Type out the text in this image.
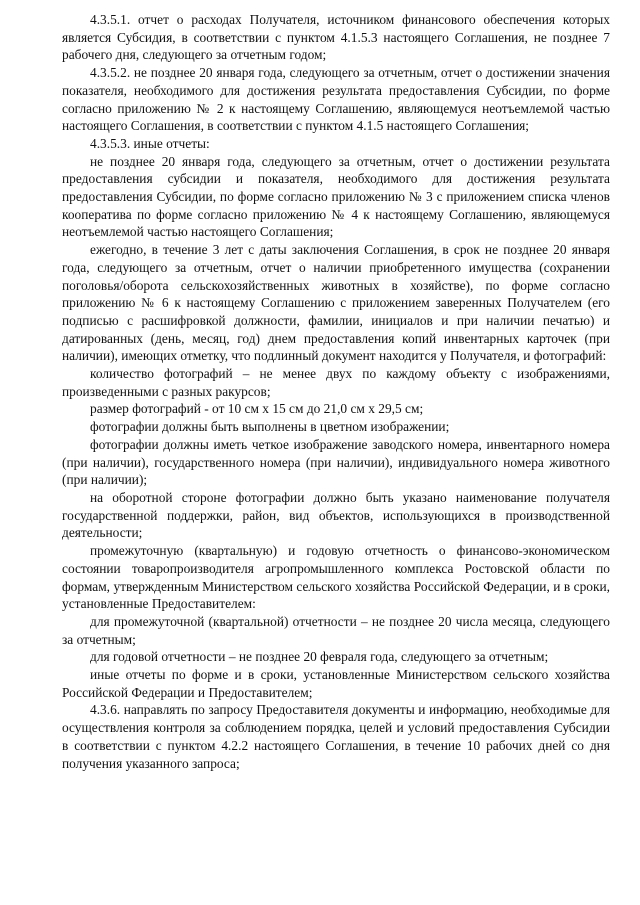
4.3.5.1. отчет о расходах Получателя, источником финансового обеспечения которых является Субсидия, в соответствии с пунктом 4.1.5.3 настоящего Соглашения, не позднее 7 рабочего дня, следующего за отчетным годом;

4.3.5.2. не позднее 20 января года, следующего за отчетным, отчет о достижении значения показателя, необходимого для достижения результата предоставления Субсидии, по форме согласно приложению № 2 к настоящему Соглашению, являющемуся неотъемлемой частью настоящего Соглашения, в соответствии с пунктом 4.1.5 настоящего Соглашения;

4.3.5.3. иные отчеты:

не позднее 20 января года, следующего за отчетным, отчет о достижении результата предоставления субсидии и показателя, необходимого для достижения результата предоставления Субсидии, по форме согласно приложению № 3 с приложением списка членов кооператива по форме согласно приложению № 4 к настоящему Соглашению, являющемуся неотъемлемой частью настоящего Соглашения;

ежегодно, в течение 3 лет с даты заключения Соглашения, в срок не позднее 20 января года, следующего за отчетным, отчет о наличии приобретенного имущества (сохранении поголовья/оборота сельскохозяйственных животных в хозяйстве), по форме согласно приложению № 6 к настоящему Соглашению с приложением заверенных Получателем (его подписью с расшифровкой должности, фамилии, инициалов и при наличии печатью) и датированных (день, месяц, год) днем предоставления копий инвентарных карточек (при наличии), имеющих отметку, что подлинный документ находится у Получателя, и фотографий:

количество фотографий – не менее двух по каждому объекту с изображениями, произведенными с разных ракурсов;

размер фотографий - от 10 см х 15 см до 21,0 см х 29,5 см;

фотографии должны быть выполнены в цветном изображении;

фотографии должны иметь четкое изображение заводского номера, инвентарного номера (при наличии), государственного номера (при наличии), индивидуального номера животного (при наличии);

на оборотной стороне фотографии должно быть указано наименование получателя государственной поддержки, район, вид объектов, использующихся в производственной деятельности;

промежуточную (квартальную) и годовую отчетность о финансово-экономическом состоянии товаропроизводителя агропромышленного комплекса Ростовской области по формам, утвержденным Министерством сельского хозяйства Российской Федерации, и в сроки, установленные Предоставителем:

для промежуточной (квартальной) отчетности – не позднее 20 числа месяца, следующего за отчетным;

для годовой отчетности – не позднее 20 февраля года, следующего за отчетным;

иные отчеты по форме и в сроки, установленные Министерством сельского хозяйства Российской Федерации и Предоставителем;

4.3.6. направлять по запросу Предоставителя документы и информацию, необходимые для осуществления контроля за соблюдением порядка, целей и условий предоставления Субсидии в соответствии с пунктом 4.2.2 настоящего Соглашения, в течение 10 рабочих дней со дня получения указанного запроса;
